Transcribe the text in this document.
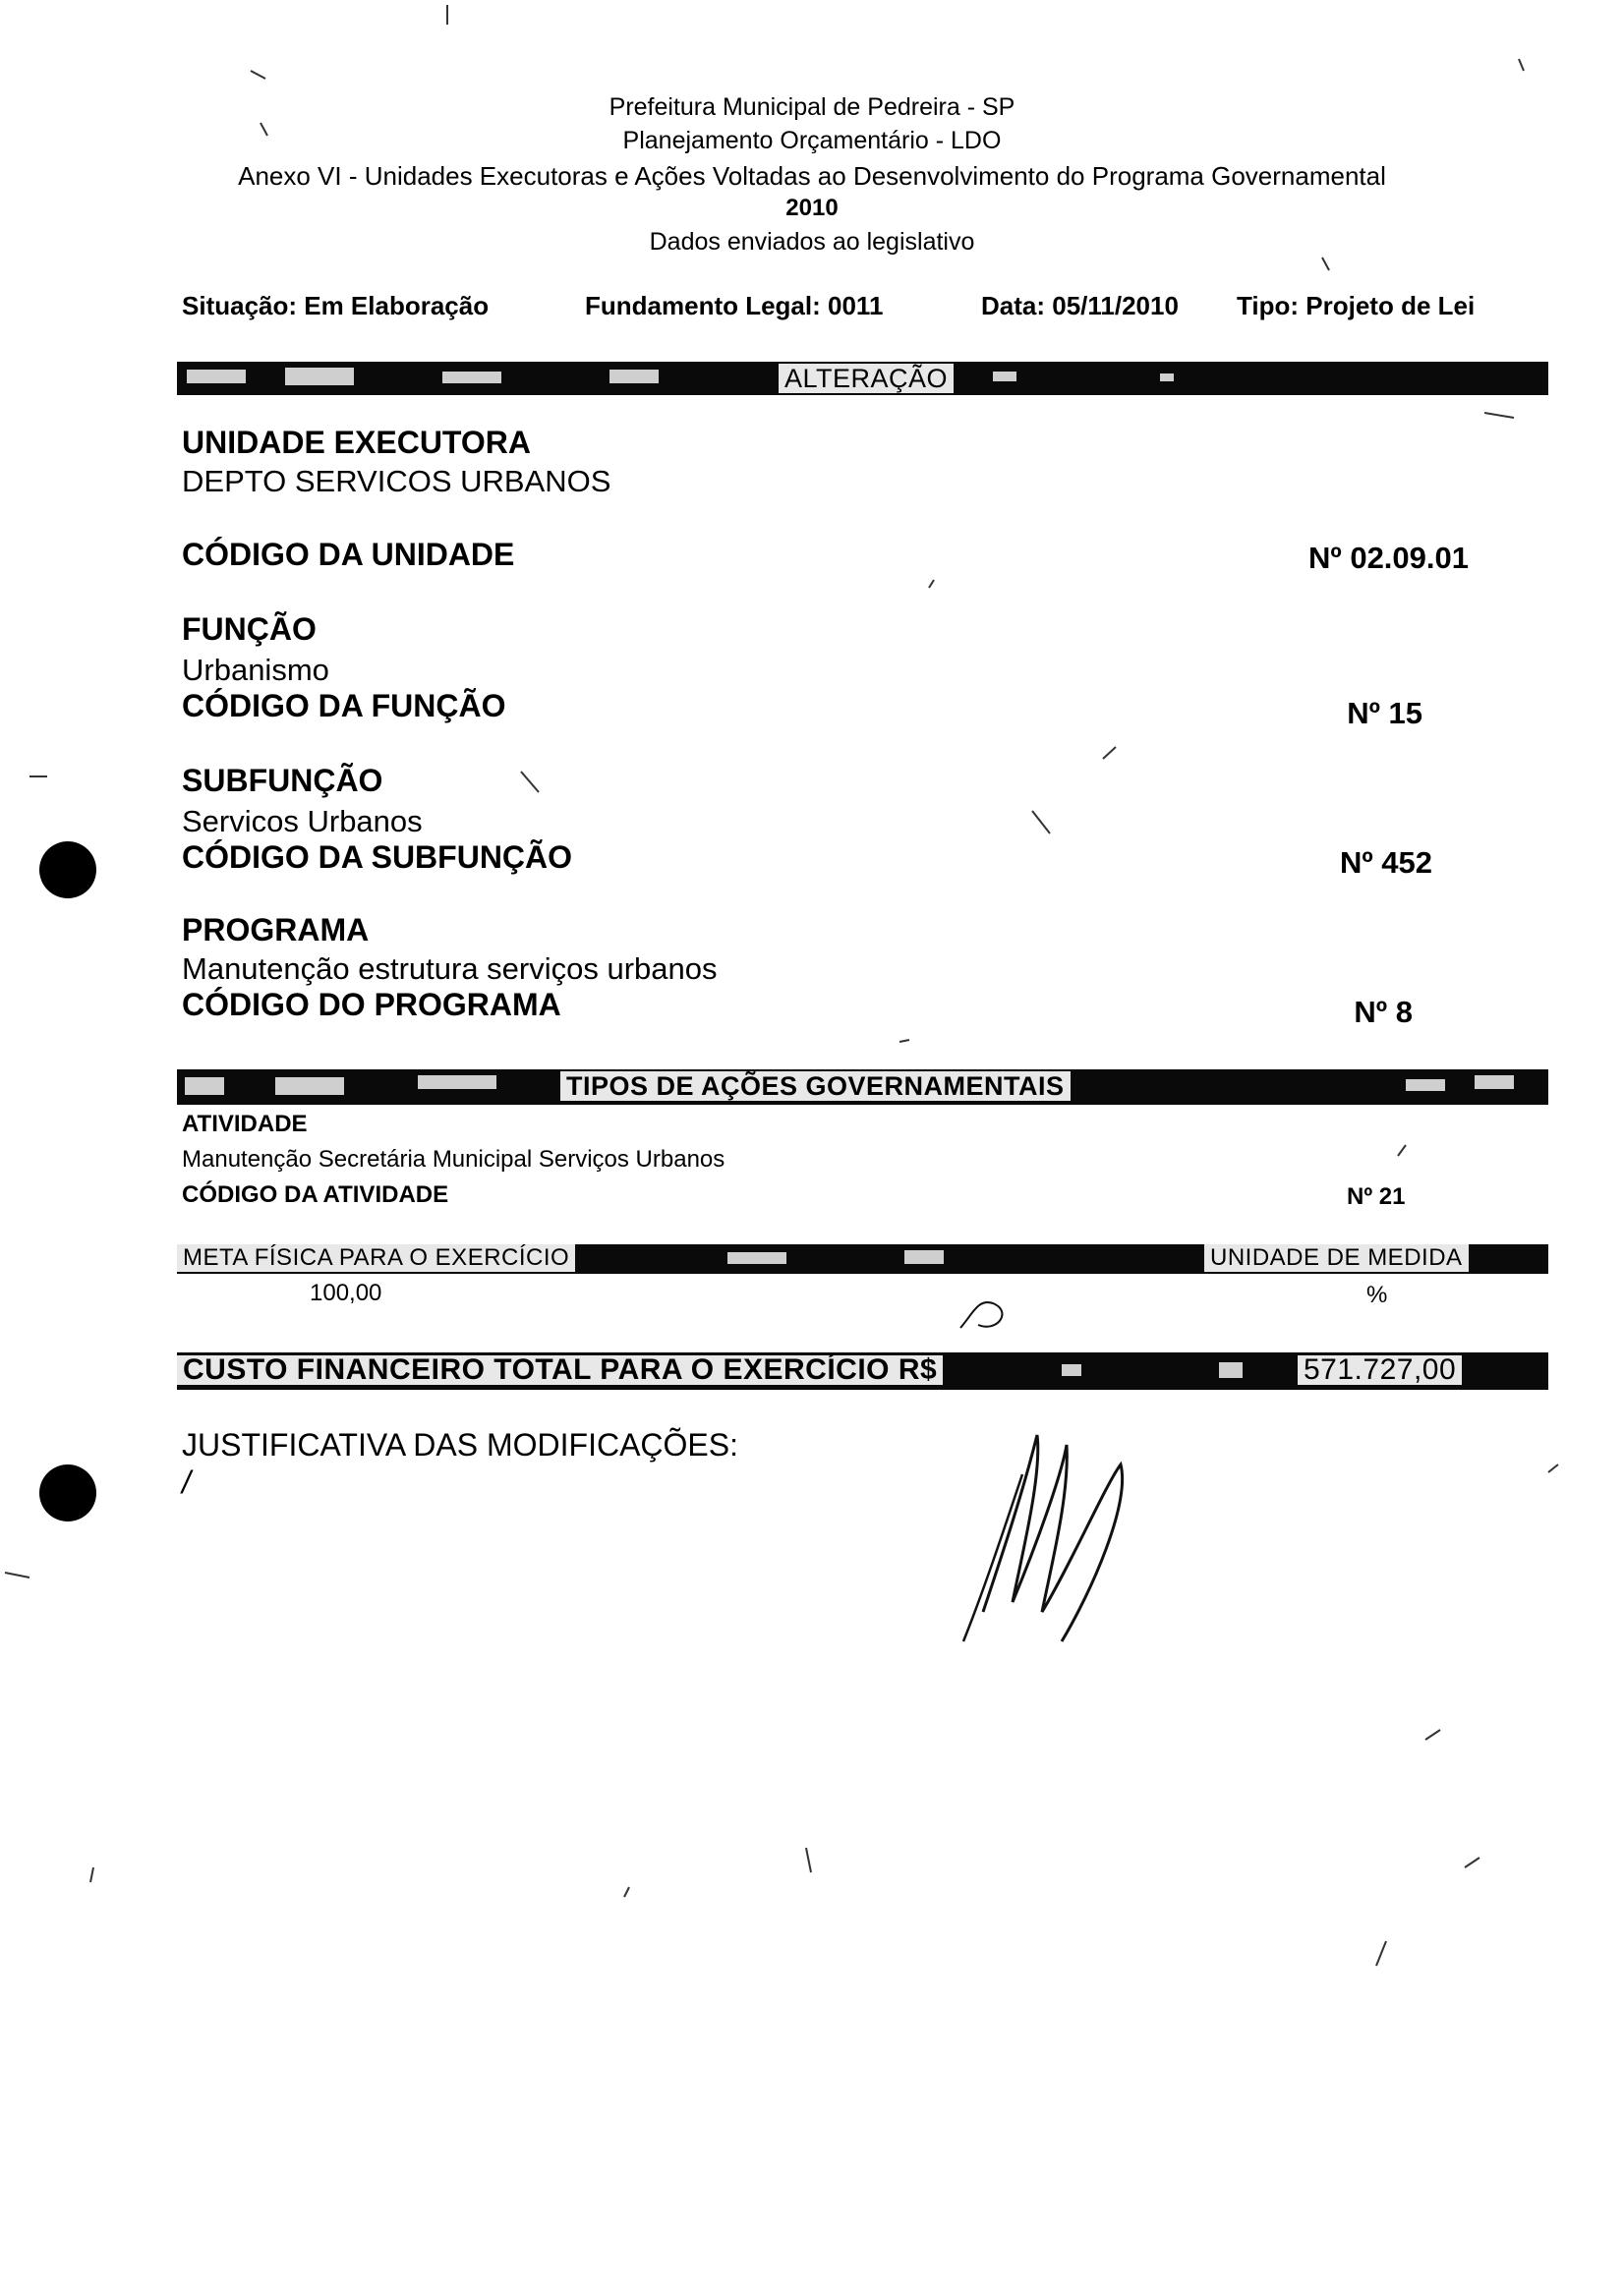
Prefeitura Municipal de Pedreira - SP
Planejamento Orçamentário - LDO
Anexo VI - Unidades Executoras e Ações Voltadas ao Desenvolvimento do Programa Governamental
2010
Dados enviados ao legislativo
Situação: Em Elaboração	Fundamento Legal: 0011	Data: 05/11/2010 Tipo: Projeto de Lei
ALTERAÇÃO
UNIDADE EXECUTORA
DEPTO SERVICOS URBANOS
CÓDIGO DA UNIDADE	Nº 02.09.01
FUNÇÃO
Urbanismo
CÓDIGO DA FUNÇÃO	Nº 15
SUBFUNÇÃO
Servicos Urbanos
CÓDIGO DA SUBFUNÇÃO	Nº 452
PROGRAMA
Manutenção estrutura serviços urbanos
CÓDIGO DO PROGRAMA	Nº 8
TIPOS DE AÇÕES GOVERNAMENTAIS
ATIVIDADE
Manutenção Secretária Municipal Serviços Urbanos
CÓDIGO DA ATIVIDADE	Nº 21
META FÍSICA PARA O EXERCÍCIO	UNIDADE DE MEDIDA
100,00	%
CUSTO FINANCEIRO TOTAL PARA O EXERCÍCIO R$	571.727,00
JUSTIFICATIVA DAS MODIFICAÇÕES:
/
